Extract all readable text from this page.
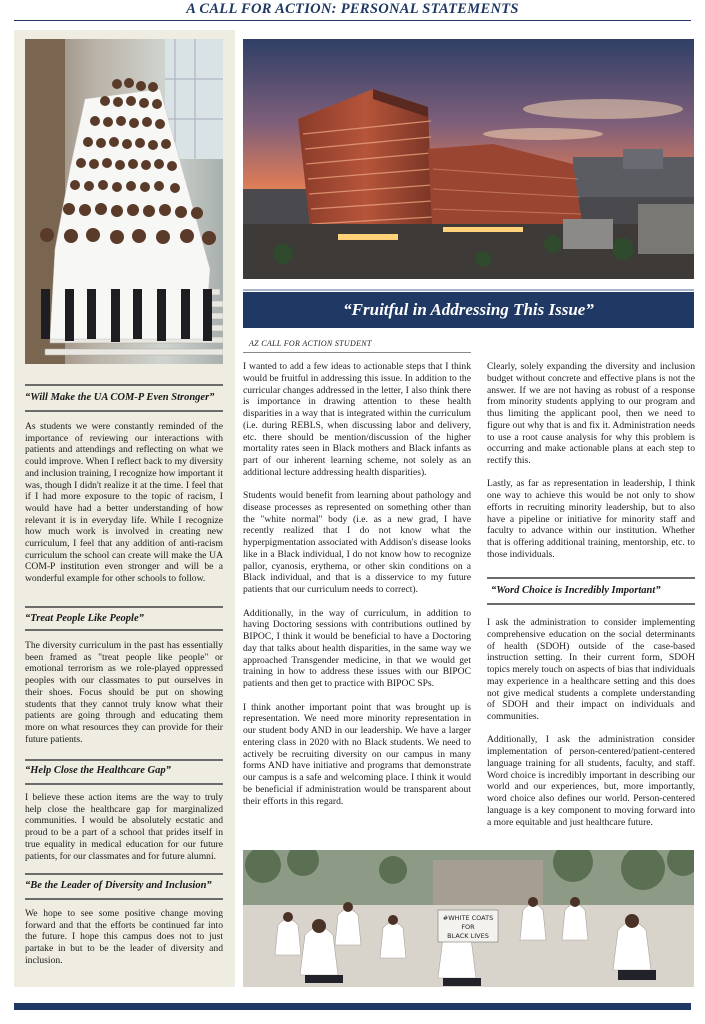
A CALL FOR ACTION: PERSONAL STATEMENTS
“Will Make the UA COM-P Even Stronger”
As students we were constantly reminded of the importance of reviewing our interactions with patients and attendings and reflecting on what we could improve. When I reflect back to my diversity and inclusion training, I recognize how important it was, though I didn't realize it at the time. I feel that if I had more exposure to the topic of racism, I would have had a better understanding of how relevant it is in everyday life. While I recognize how much work is involved in creating new curriculum, I feel that any addition of anti-racism curriculum the school can create will make the UA COM-P institution even stronger and will be a wonderful example for other schools to follow.
“Treat People Like People”
The diversity curriculum in the past has essentially been framed as "treat people like people" or emotional terrorism as we role-played oppressed peoples with our classmates to put ourselves in their shoes. Focus should be put on showing students that they cannot truly know what their patients are going through and educating them more on what resources they can provide for their future patients.
“Help Close the Healthcare Gap”
I believe these action items are the way to truly help close the healthcare gap for marginalized communities. I would be absolutely ecstatic and proud to be a part of a school that prides itself in true equality in medical education for our future patients, for our classmates and for future alumni.
“Be the Leader of Diversity and Inclusion”
We hope to see some positive change moving forward and that the efforts be continued far into the future. I hope this campus does not to just partake in but to be the leader of diversity and inclusion.
“Fruitful in Addressing This Issue”
AZ CALL FOR ACTION STUDENT

I wanted to add a few ideas to actionable steps that I think would be fruitful in addressing this issue. In addition to the curricular changes addressed in the letter, I also think there is importance in drawing attention to these health disparities in a way that is integrated within the curriculum (i.e. during REBLS, when discussing labor and delivery, etc. there should be mention/discussion of the higher mortality rates seen in Black mothers and Black infants as part of our inherent learning scheme, not solely as an additional lecture addressing health disparities).

Students would benefit from learning about pathology and disease processes as represented on something other than the "white normal" body (i.e. as a new grad, I have recently realized that I do not know what the hyperpigmentation associated with Addison's disease looks like in a Black individual, I do not know how to recognize pallor, cyanosis, erythema, or other skin conditions on a Black individual, and that is a disservice to my future patients that our curriculum needs to correct).

Additionally, in the way of curriculum, in addition to having Doctoring sessions with contributions outlined by BIPOC, I think it would be beneficial to have a Doctoring day that talks about health disparities, in the same way we approached Transgender medicine, in that we would get training in how to address these issues with our BIPOC patients and then get to practice with BIPOC SPs.

I think another important point that was brought up is representation. We need more minority representation in our student body AND in our leadership. We have a larger entering class in 2020 with no Black students. We need to actively be recruiting diversity on our campus in many forms AND have initiative and programs that demonstrate our campus is a safe and welcoming place. I think it would be beneficial if administration would be transparent about their efforts in this regard.

Clearly, solely expanding the diversity and inclusion budget without concrete and effective plans is not the answer. If we are not having as robust of a response from minority students applying to our program and thus limiting the applicant pool, then we need to figure out why that is and fix it. Administration needs to use a root cause analysis for why this problem is occurring and make actionable plans at each step to rectify this.

Lastly, as far as representation in leadership, I think one way to achieve this would be not only to show efforts in recruiting minority leadership, but to also have a pipeline or initiative for minority staff and faculty to advance within our institution. Whether that is offering additional training, mentorship, etc. to those individuals.

“Word Choice is Incredibly Important”

I ask the administration to consider implementing comprehensive education on the social determinants of health (SDOH) outside of the case-based instruction setting. In their current form, SDOH topics merely touch on aspects of bias that individuals may experience in a healthcare setting and this does not give medical students a complete understanding of SDOH and their impact on individuals and communities.

Additionally, I ask the administration consider implementation of person-centered/patient-centered language training for all students, faculty, and staff. Word choice is incredibly important in describing our world and our experiences, but, more importantly, word choice also defines our world. Person-centered language is a key component to moving forward into a more equitable and just healthcare future.

#WHITE COATS
FOR
BLACK LIVES
